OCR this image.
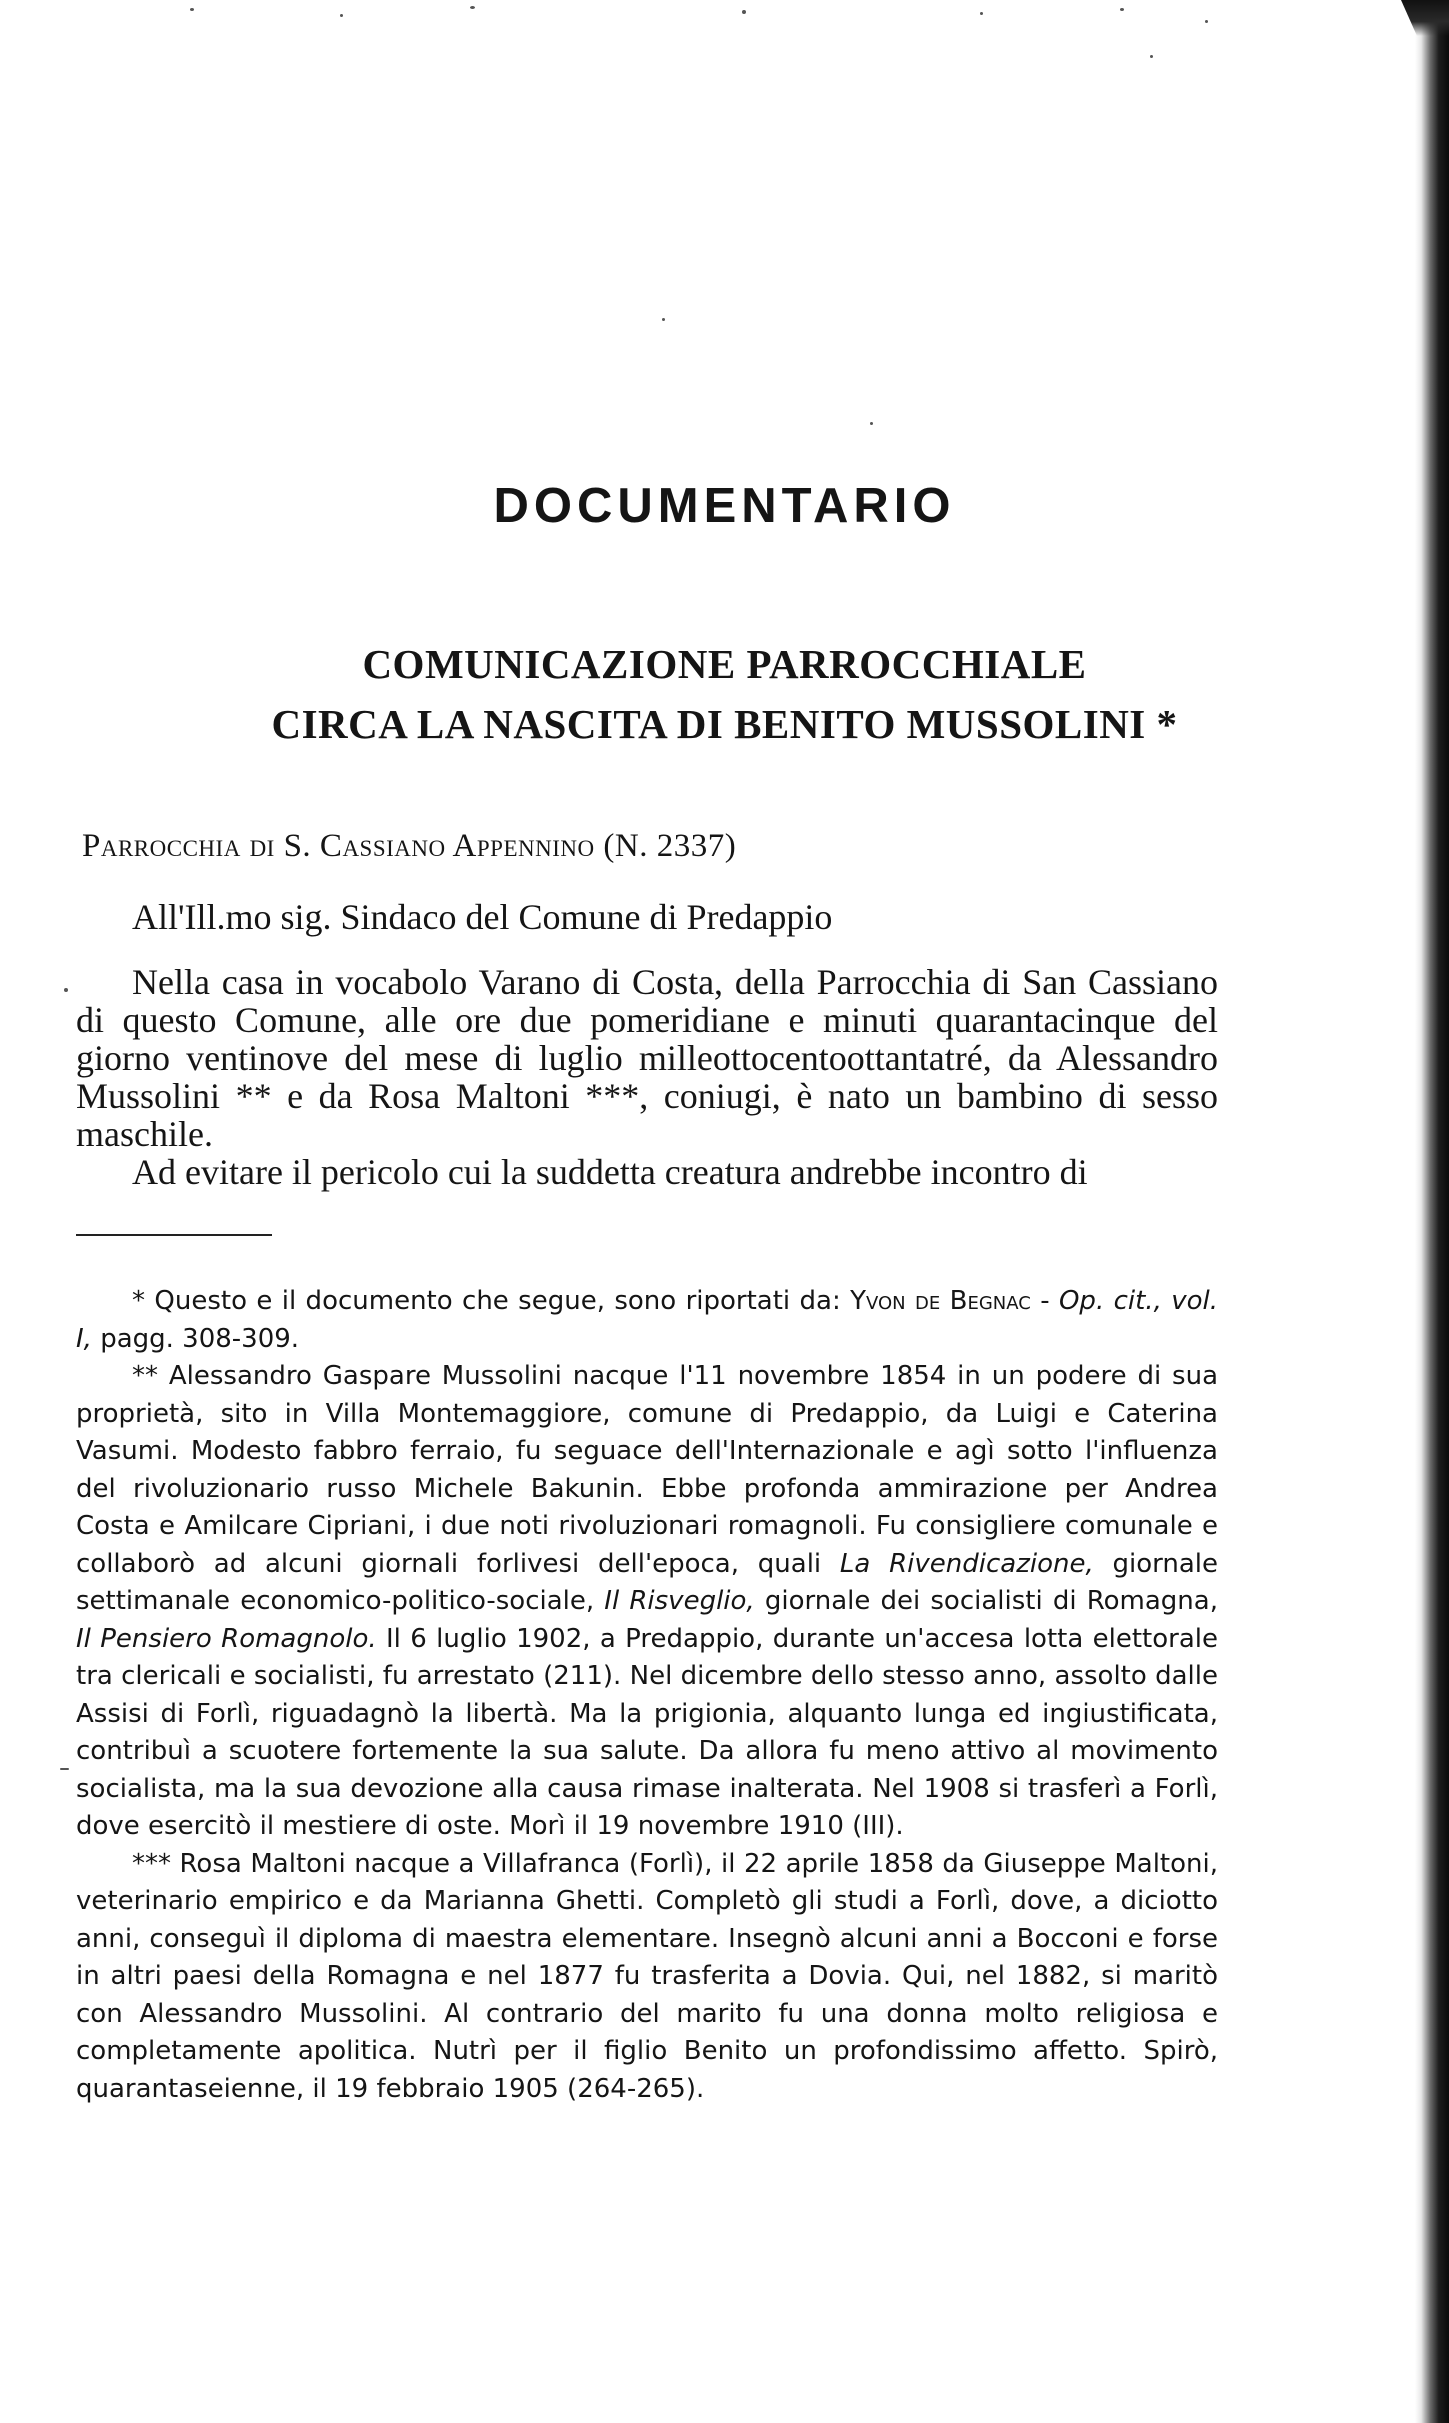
DOCUMENTARIO
COMUNICAZIONE PARROCCHIALE
CIRCA LA NASCITA DI BENITO MUSSOLINI *

Parrocchia di S. Cassiano Appennino (N. 2337)

All'Ill.mo sig. Sindaco del Comune di Predappio

Nella casa in vocabolo Varano di Costa, della Parrocchia di San Cassiano di questo Comune, alle ore due pomeridiane e minuti quarantacinque del giorno ventinove del mese di luglio milleottocentoottantatré, da Alessandro Mussolini ** e da Rosa Maltoni ***, coniugi, è nato un bambino di sesso maschile.

Ad evitare il pericolo cui la suddetta creatura andrebbe incontro di

* Questo e il documento che segue, sono riportati da: Yvon de Begnac - Op. cit., vol. I, pagg. 308-309.

** Alessandro Gaspare Mussolini nacque l'11 novembre 1854 in un podere di sua proprietà, sito in Villa Montemaggiore, comune di Predappio, da Luigi e Caterina Vasumi. Modesto fabbro ferraio, fu seguace dell'Internazionale e agì sotto l'influenza del rivoluzionario russo Michele Bakunin. Ebbe profonda ammirazione per Andrea Costa e Amilcare Cipriani, i due noti rivoluzionari romagnoli. Fu consigliere comunale e collaborò ad alcuni giornali forlivesi dell'epoca, quali La Rivendicazione, giornale settimanale economico-politico-sociale, Il Risveglio, giornale dei socialisti di Romagna, Il Pensiero Romagnolo. Il 6 luglio 1902, a Predappio, durante un'accesa lotta elettorale tra clericali e socialisti, fu arrestato (211). Nel dicembre dello stesso anno, assolto dalle Assisi di Forlì, riguadagnò la libertà. Ma la prigionia, alquanto lunga ed ingiustificata, contribuì a scuotere fortemente la sua salute. Da allora fu meno attivo al movimento socialista, ma la sua devozione alla causa rimase inalterata. Nel 1908 si trasferì a Forlì, dove esercitò il mestiere di oste. Morì il 19 novembre 1910 (III).

*** Rosa Maltoni nacque a Villafranca (Forlì), il 22 aprile 1858 da Giuseppe Maltoni, veterinario empirico e da Marianna Ghetti. Completò gli studi a Forlì, dove, a diciotto anni, conseguì il diploma di maestra elementare. Insegnò alcuni anni a Bocconi e forse in altri paesi della Romagna e nel 1877 fu trasferita a Dovia. Qui, nel 1882, si maritò con Alessandro Mussolini. Al contrario del marito fu una donna molto religiosa e completamente apolitica. Nutrì per il figlio Benito un profondissimo affetto. Spirò, quarantaseienne, il 19 febbraio 1905 (264-265).
